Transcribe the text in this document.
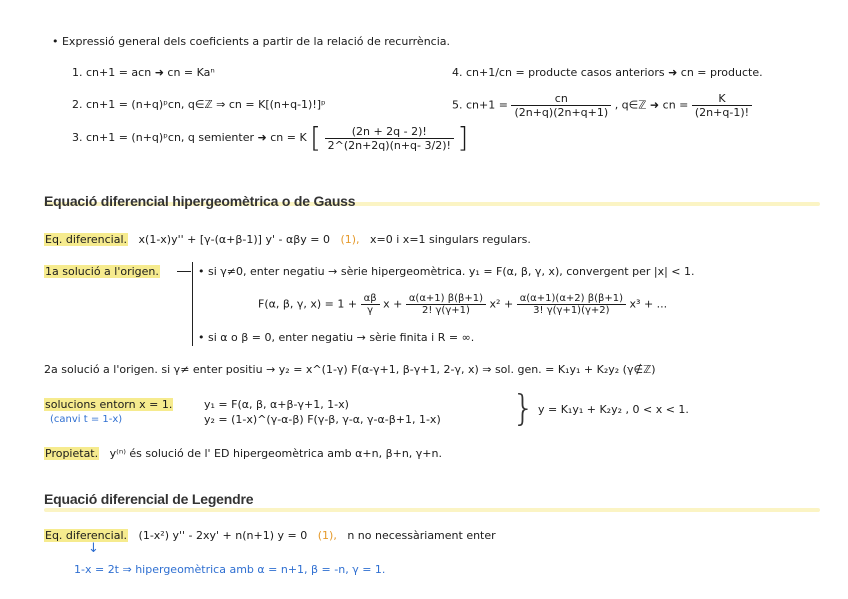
• Expressió general dels coeficients a partir de la relació de recurrència.
1. cn+1 = acn ➜ cn = Kaⁿ
2. cn+1 = (n+q)ᵖcn, q∈ℤ ⇒ cn = K[(n+q-1)!]ᵖ
3. cn+1 = (n+q)ᵖcn, q semienter ➜ cn = K [ $\frac{(2n + 2q - 2)!}{2\^{}(2n+2q)(n+q- 3/2)!}$ ]
4. cn+1/cn = producte casos anteriors ➜ cn = producte.
5. $cn+1 = \frac{cn}{(2n+q)(2n+q+1)}$ , q∈ℤ ➜ cn = $\frac{K}{(2n+q-1)!}$
Equació diferencial hipergeomètrica o de Gauss
Eq. diferencial. x(1-x)y'' + [γ-(α+β-1)] y' - αβy = 0 (1), x=0 i x=1 singulars regulars.
1a solució a l'origen.	• si γ≠0, enter negatiu → sèrie hipergeomètrica. y₁ = F(α, β, γ, x), convergent per |x| < 1.
F(α, β, γ, $x) = 1 + \frac{\alpha\beta}{\gamma}$ $x + \frac{\alpha(\alpha+1) \beta(\beta+1)}{2! \gamma(\gamma+1)} x^2 + \frac{\alpha(\alpha+1)(\alpha+2) \beta(\beta+1)}{3! \gamma(\gamma+1)(\gamma+2)} x^3$ + ...
• si α o β = 0, enter negatiu → sèrie finita i R = ∞.
2a solució a l'origen. si γ≠ enter positiu → y₂ = x^(1-γ) F(α-γ+1, β-γ+1, 2-γ, x) ⇒ sol. gen. = K₁y₁ + K₂y₂ (γ∉ℤ)
solucions entorn x = 1.
(canvi t = 1-x)
y₁ = F(α, β, α+β-γ+1, 1-x)
y₂ = (1-x)^(γ-α-β) F(γ-β, γ-α, γ-α-β+1, 1-x) } y = K₁y₁ + K₂y₂ , 0 < x < 1.
Propietat. y⁽ⁿ⁾ és solució de l' ED hipergeomètrica amb α+n, β+n, γ+n.
Equació diferencial de Legendre
Eq. diferencial. (1-x²) y'' - 2xy' + n(n+1) y = 0 (1), n no necessàriament enter
↓
1-x = 2t ⇒ hipergeomètrica amb α = n+1, β = -n, γ = 1.
